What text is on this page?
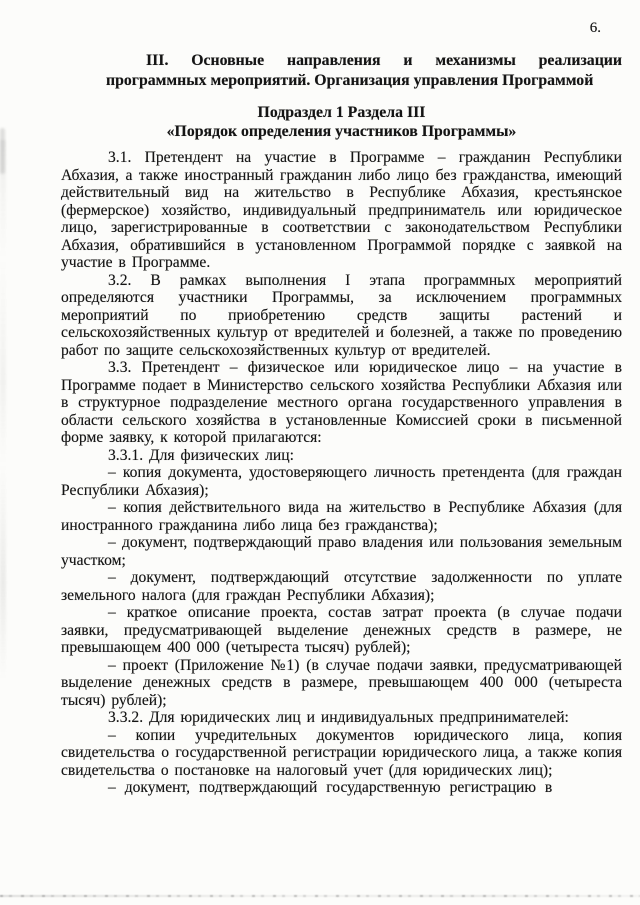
6.
III. Основные направления и механизмы реализации
программных мероприятий. Организация управления Программой
Подраздел 1 Раздела III
«Порядок определения участников Программы»

3.1. Претендент на участие в Программе – гражданин Республики Абхазия, а также иностранный гражданин либо лицо без гражданства, имеющий действительный вид на жительство в Республике Абхазия, крестьянское (фермерское) хозяйство, индивидуальный предприниматель или юридическое лицо, зарегистрированные в соответствии с законодательством Республики Абхазия, обратившийся в установленном Программой порядке с заявкой на участие в Программе.

3.2. В рамках выполнения I этапа программных мероприятий определяются участники Программы, за исключением программных мероприятий по приобретению средств защиты растений и сельскохозяйственных культур от вредителей и болезней, а также по проведению работ по защите сельскохозяйственных культур от вредителей.

3.3. Претендент – физическое или юридическое лицо – на участие в Программе подает в Министерство сельского хозяйства Республики Абхазия или в структурное подразделение местного органа государственного управления в области сельского хозяйства в установленные Комиссией сроки в письменной форме заявку, к которой прилагаются:

3.3.1. Для физических лиц:

– копия документа, удостоверяющего личность претендента (для граждан Республики Абхазия);

– копия действительного вида на жительство в Республике Абхазия (для иностранного гражданина либо лица без гражданства);

– документ, подтверждающий право владения или пользования земельным участком;

– документ, подтверждающий отсутствие задолженности по уплате земельного налога (для граждан Республики Абхазия);

– краткое описание проекта, состав затрат проекта (в случае подачи заявки, предусматривающей выделение денежных средств в размере, не превышающем 400 000 (четыреста тысяч) рублей);

– проект (Приложение №1) (в случае подачи заявки, предусматривающей выделение денежных средств в размере, превышающем 400 000 (четыреста тысяч) рублей);

3.3.2. Для юридических лиц и индивидуальных предпринимателей:

– копии учредительных документов юридического лица, копия свидетельства о государственной регистрации юридического лица, а также копия свидетельства о постановке на налоговый учет (для юридических лиц);

– документ, подтверждающий государственную регистрацию в
